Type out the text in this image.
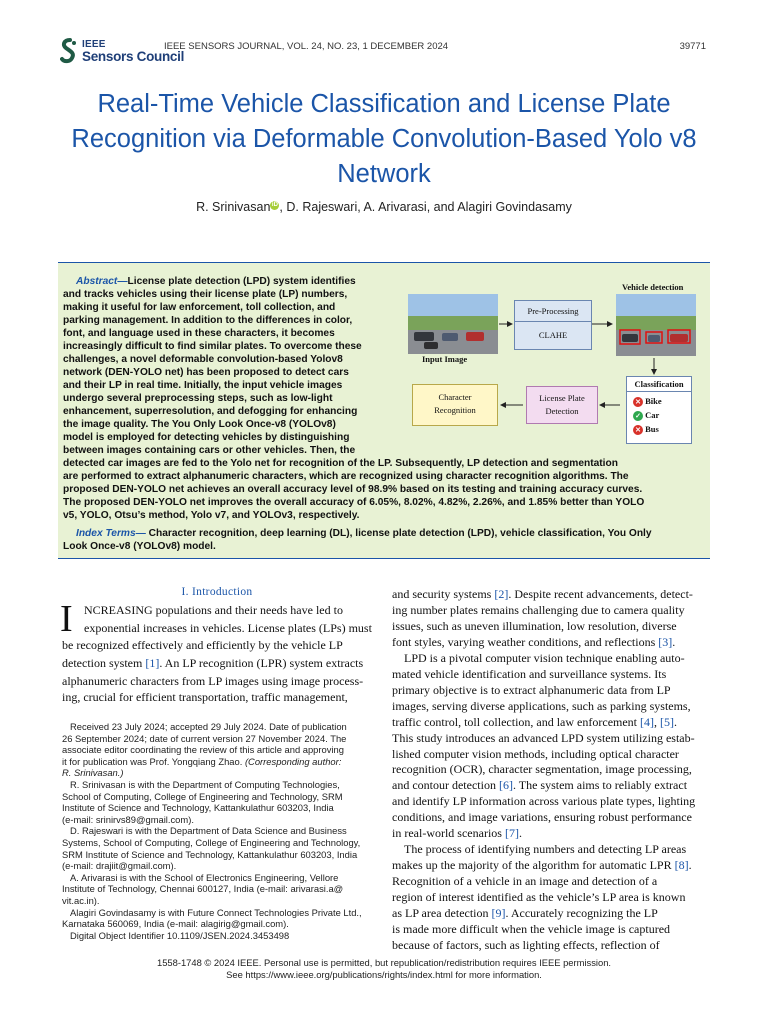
IEEE
Sensors Council
IEEE SENSORS JOURNAL, VOL. 24, NO. 23, 1 DECEMBER 2024	39771
Real-Time Vehicle Classification and License Plate Recognition via Deformable Convolution-Based Yolo v8 Network
R. Srinivasan iD , D. Rajeswari, A. Arivarasi, and Alagiri Govindasamy
Abstract—License plate detection (LPD) system identifies
and tracks vehicles using their license plate (LP) numbers,
making it useful for law enforcement, toll collection, and
parking management. In addition to the differences in color,
font, and language used in these characters, it becomes
increasingly difficult to find similar plates. To overcome these
challenges, a novel deformable convolution-based Yolov8
network (DEN-YOLO net) has been proposed to detect cars
and their LP in real time. Initially, the input vehicle images
undergo several preprocessing steps, such as low-light
enhancement, superresolution, and defogging for enhancing
the image quality. The You Only Look Once-v8 (YOLOv8)
model is employed for detecting vehicles by distinguishing
between images containing cars or other vehicles. Then, the
detected car images are fed to the Yolo net for recognition of the LP. Subsequently, LP detection and segmentation
are performed to extract alphanumeric characters, which are recognized using character recognition algorithms. The
proposed DEN-YOLO net achieves an overall accuracy level of 98.9% based on its testing and training accuracy curves.
The proposed DEN-YOLO net improves the overall accuracy of 6.05%, 8.02%, 4.82%, 2.26%, and 1.85% better than YOLO
v5, YOLO, Otsu’s method, Yolo v7, and YOLOv3, respectively.
Index Terms— Character recognition, deep learning (DL), license plate detection (LPD), vehicle classification, You Only
Look Once-v8 (YOLOv8) model.
Input Image
Pre-Processing
CLAHE
Vehicle detection
Classification
✕ Bike
✓ Car
✕ Bus
License Plate
Detection
Character
Recognition
I. Introduction
I NCREASING populations and their needs have led to
exponential increases in vehicles. License plates (LPs) must
be recognized effectively and efficiently by the vehicle LP
detection system [1]. An LP recognition (LPR) system extracts
alphanumeric characters from LP images using image process-
ing, crucial for efficient transportation, traffic management,
and security systems [2]. Despite recent advancements, detect-
ing number plates remains challenging due to camera quality
issues, such as uneven illumination, low resolution, diverse
font styles, varying weather conditions, and reflections [3].
 LPD is a pivotal computer vision technique enabling auto-
mated vehicle identification and surveillance systems. Its
primary objective is to extract alphanumeric data from LP
images, serving diverse applications, such as parking systems,
traffic control, toll collection, and law enforcement [4], [5].
This study introduces an advanced LPD system utilizing estab-
lished computer vision methods, including optical character
recognition (OCR), character segmentation, image processing,
and contour detection [6]. The system aims to reliably extract
and identify LP information across various plate types, lighting
conditions, and image variations, ensuring robust performance
in real-world scenarios [7].
 The process of identifying numbers and detecting LP areas
makes up the majority of the algorithm for automatic LPR [8].
Recognition of a vehicle in an image and detection of a
region of interest identified as the vehicle’s LP area is known
as LP area detection [9]. Accurately recognizing the LP
is made more difficult when the vehicle image is captured
because of factors, such as lighting effects, reflection of
Received 23 July 2024; accepted 29 July 2024. Date of publication
26 September 2024; date of current version 27 November 2024. The
associate editor coordinating the review of this article and approving
it for publication was Prof. Yongqiang Zhao. (Corresponding author:
R. Srinivasan.)
R. Srinivasan is with the Department of Computing Technologies,
School of Computing, College of Engineering and Technology, SRM
Institute of Science and Technology, Kattankulathur 603203, India
(e-mail: srinirvs89@gmail.com).
D. Rajeswari is with the Department of Data Science and Business
Systems, School of Computing, College of Engineering and Technology,
SRM Institute of Science and Technology, Kattankulathur 603203, India
(e-mail: drajiit@gmail.com).
A. Arivarasi is with the School of Electronics Engineering, Vellore
Institute of Technology, Chennai 600127, India (e-mail: arivarasi.a@
vit.ac.in).
Alagiri Govindasamy is with Future Connect Technologies Private Ltd.,
Karnataka 560069, India (e-mail: alagirig@gmail.com).
Digital Object Identifier 10.1109/JSEN.2024.3453498
1558-1748 © 2024 IEEE. Personal use is permitted, but republication/redistribution requires IEEE permission.
See https://www.ieee.org/publications/rights/index.html for more information.
